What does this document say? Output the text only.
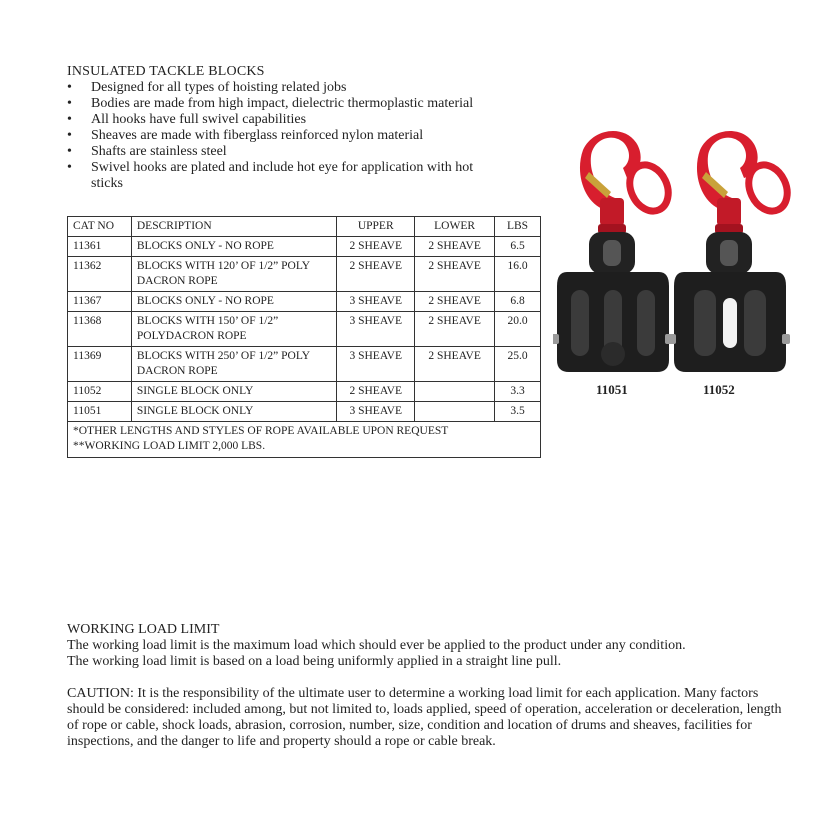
INSULATED TACKLE BLOCKS
• Designed for all types of hoisting related jobs
• Bodies are made from high impact, dielectric thermoplastic material
• All hooks have full swivel capabilities
• Sheaves are made with fiberglass reinforced nylon material
• Shafts are stainless steel
• Swivel hooks are plated and include hot eye for application with hot sticks
CAT NO	DESCRIPTION	UPPER	LOWER	LBS
11361	BLOCKS ONLY - NO ROPE	2 SHEAVE	2 SHEAVE	6.5
11362	BLOCKS WITH 120’ OF 1/2” POLY DACRON ROPE	2 SHEAVE	2 SHEAVE	16.0
11367	BLOCKS ONLY - NO ROPE	3 SHEAVE	2 SHEAVE	6.8
11368	BLOCKS WITH 150’ OF 1/2” POLYDACRON ROPE	3 SHEAVE	2 SHEAVE	20.0
11369	BLOCKS WITH 250’ OF 1/2” POLY DACRON ROPE	3 SHEAVE	2 SHEAVE	25.0
11052	SINGLE BLOCK ONLY	2 SHEAVE		3.3
11051	SINGLE BLOCK ONLY	3 SHEAVE		3.5

*OTHER LENGTHS AND STYLES OF ROPE AVAILABLE UPON REQUEST
**WORKING LOAD LIMIT 2,000 LBS.				
11051	11052
WORKING LOAD LIMIT

The working load limit is the maximum load which should ever be applied to the product under any condition.

The working load limit is based on a load being uniformly applied in a straight line pull.

CAUTION: It is the responsibility of the ultimate user to determine a working load limit for each application. Many factors should be considered: included among, but not limited to, loads applied, speed of operation, acceleration or deceleration, length of rope or cable, shock loads, abrasion, corrosion, number, size, condition and location of drums and sheaves, facilities for inspections, and the danger to life and property should a rope or cable break.
